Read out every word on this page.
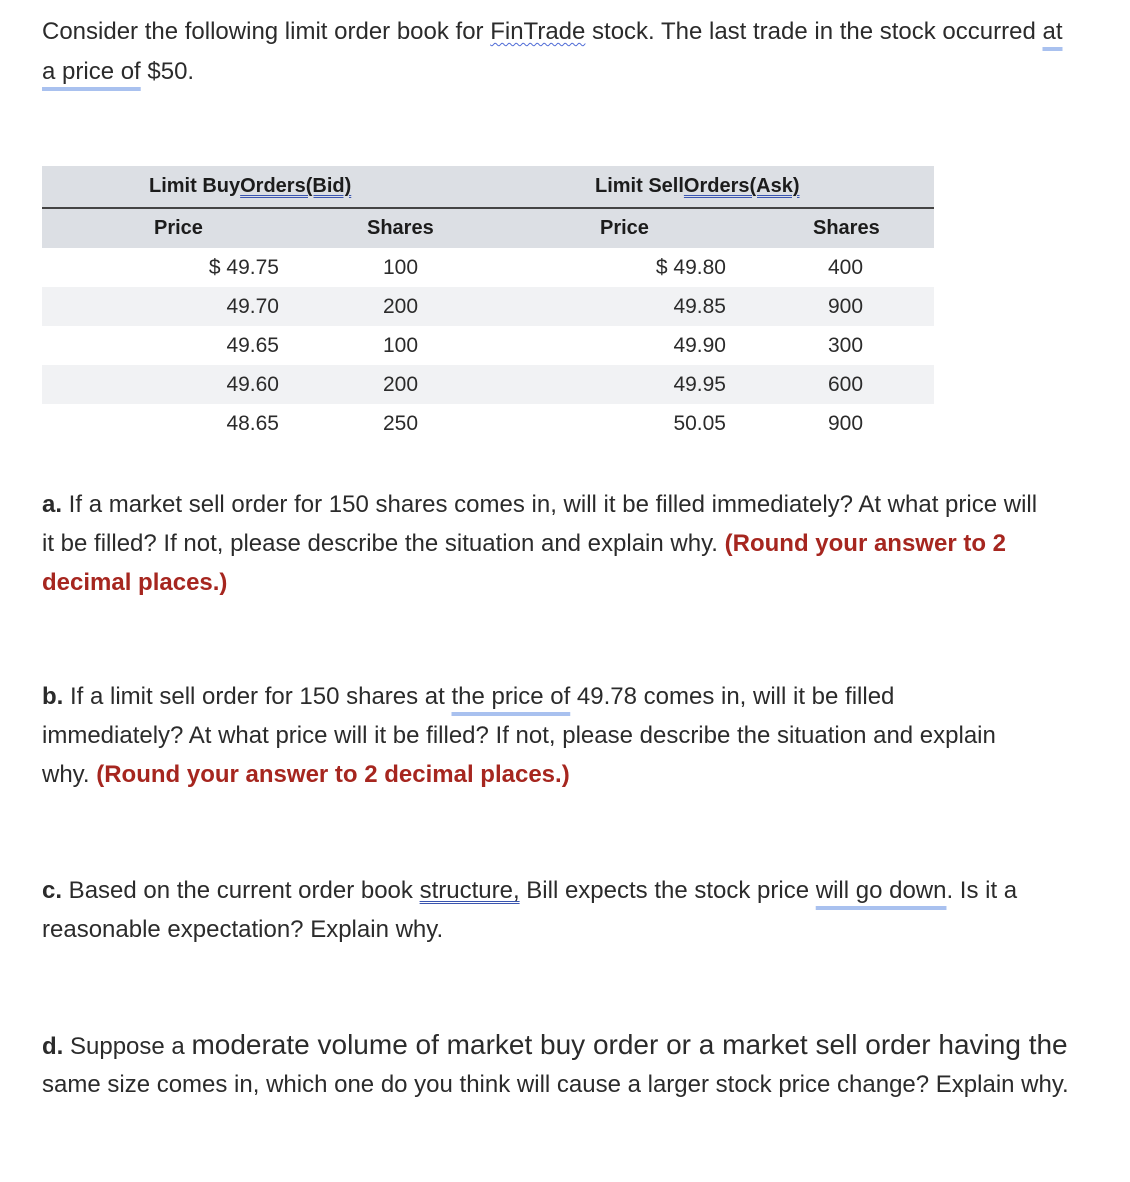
Consider the following limit order book for FinTrade stock. The last trade in the stock occurred at a price of $50.

Limit Buy Orders(Bid)	Limit Sell Orders(Ask)
Price	Shares	Price	Shares
$ 49.75	100	$ 49.80	400
49.70	200	49.85	900
49.65	100	49.90	300
49.60	200	49.95	600
48.65	250	50.05	900

a. If a market sell order for 150 shares comes in, will it be filled immediately? At what price will it be filled? If not, please describe the situation and explain why. (Round your answer to 2 decimal places.)

b. If a limit sell order for 150 shares at the price of 49.78 comes in, will it be filled immediately? At what price will it be filled? If not, please describe the situation and explain why. (Round your answer to 2 decimal places.)

c. Based on the current order book structure, Bill expects the stock price will go down. Is it a reasonable expectation? Explain why.

d. Suppose a moderate volume of market buy order or a market sell order having the same size comes in, which one do you think will cause a larger stock price change? Explain why.
